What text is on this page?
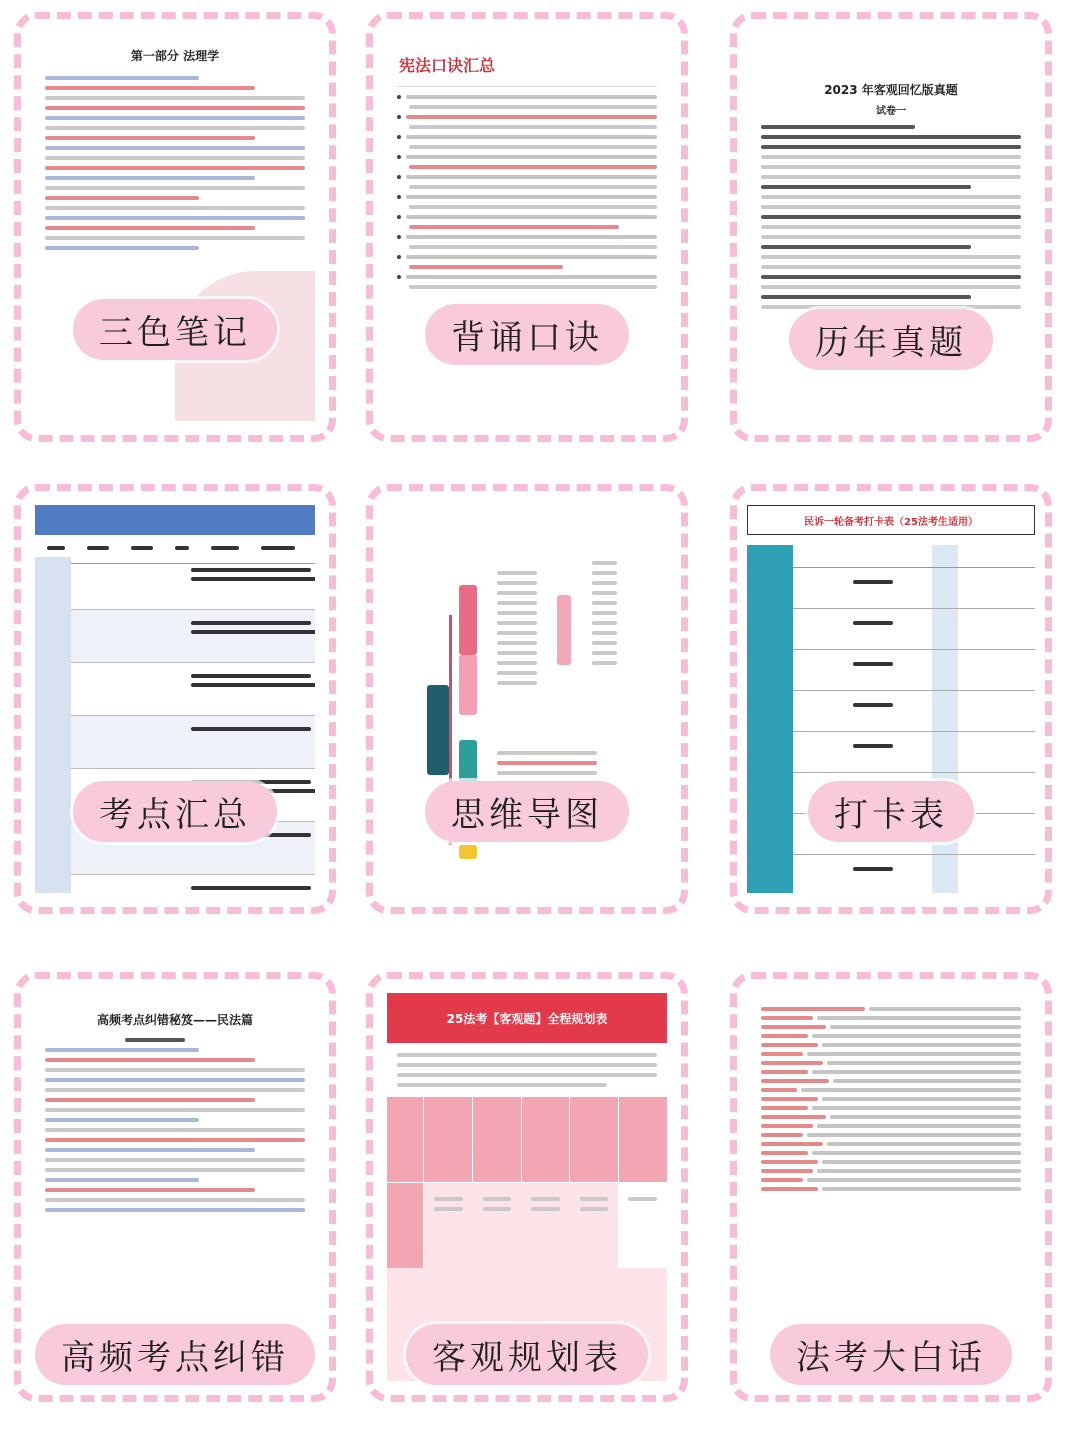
第一部分 法理学
三色笔记
宪法口诀汇总
背诵口诀
2023 年客观回忆版真题
试卷一
历年真题
考点汇总	思维导图
民诉一轮备考打卡表（25法考生适用）
打卡表
高频考点纠错秘笈——民法篇
高频考点纠错
25法考【客观题】全程规划表
客观规划表	法考大白话
